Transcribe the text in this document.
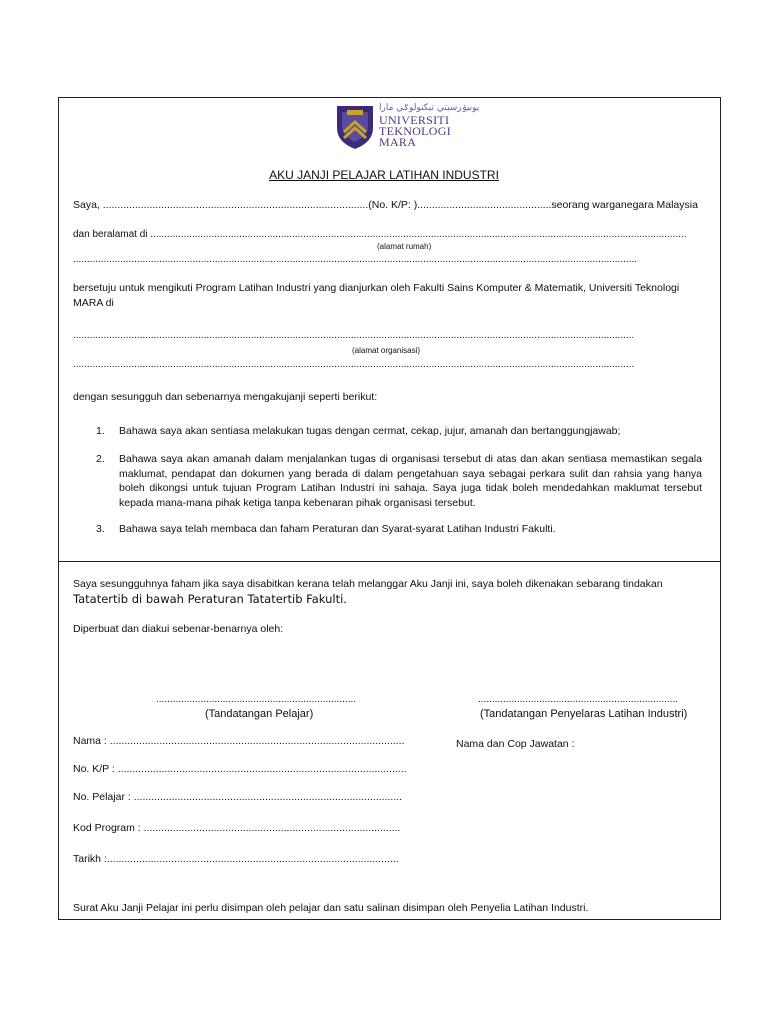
يونيۏرسيتي تيكنولوݢي مارا
UNIVERSITI
TEKNOLOGI
MARA
AKU JANJI PELAJAR LATIHAN INDUSTRI
Saya, ...........................................................................................(No. K/P: )..............................................seorang warganegara Malaysia
dan beralamat di .................................................................................................................................................................................................
(alamat rumah)
...........................................................................................................................................................................................................
bersetuju untuk mengikuti Program Latihan Industri yang dianjurkan oleh Fakulti Sains Komputer & Matematik, Universiti Teknologi
MARA di
..........................................................................................................................................................................................................
(alamat organisasi)
..........................................................................................................................................................................................................
dengan sesungguh dan sebenarnya mengakujanji seperti berikut:
1. Bahawa saya akan sentiasa melakukan tugas dengan cermat, cekap, jujur, amanah dan bertanggungjawab;
2. Bahawa saya akan amanah dalam menjalankan tugas di organisasi tersebut di atas dan akan sentiasa memastikan segala maklumat, pendapat dan dokumen yang berada di dalam pengetahuan saya sebagai perkara sulit dan rahsia yang hanya boleh dikongsi untuk tujuan Program Latihan Industri ini sahaja. Saya juga tidak boleh mendedahkan maklumat tersebut kepada mana-mana pihak ketiga tanpa kebenaran pihak organisasi tersebut.
3. Bahawa saya telah membaca dan faham Peraturan dan Syarat-syarat Latihan Industri Fakulti.
Saya sesungguhnya faham jika saya disabitkan kerana telah melanggar Aku Janji ini, saya boleh dikenakan sebarang tindakan
Tatatertib di bawah Peraturan Tatatertib Fakulti.
Diperbuat dan diakui sebenar-benarnya oleh:
........................................................................
(Tandatangan Pelajar)
........................................................................
(Tandatangan Penyelaras Latihan Industri)
Nama : .....................................................................................................	Nama dan Cop Jawatan :
No. K/P : ...................................................................................................
No. Pelajar : ............................................................................................
Kod Program : ........................................................................................
Tarikh :....................................................................................................
Surat Aku Janji Pelajar ini perlu disimpan oleh pelajar dan satu salinan disimpan oleh Penyelia Latihan Industri.
